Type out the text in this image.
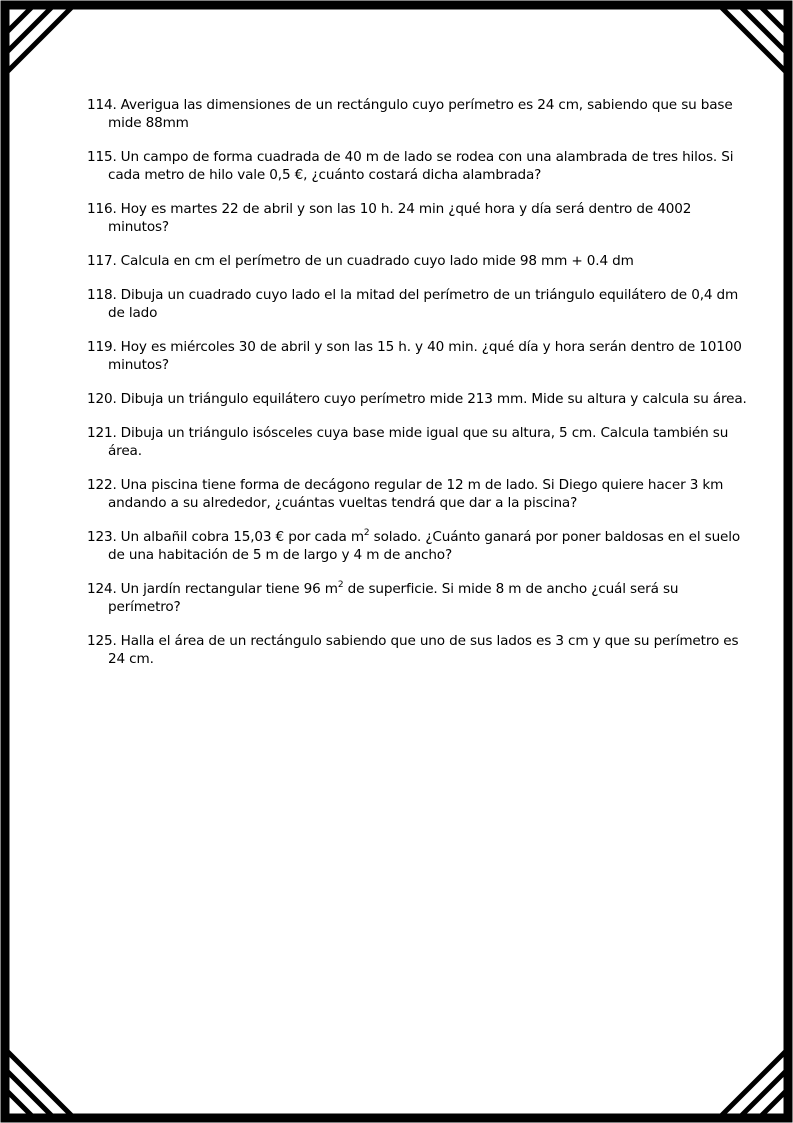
114. Averigua las dimensiones de un rectángulo cuyo perímetro es 24 cm, sabiendo que su base mide 88mm
115. Un campo de forma cuadrada de 40 m de lado se rodea con una alambrada de tres hilos. Si cada metro de hilo vale 0,5 €, ¿cuánto costará dicha alambrada?
116. Hoy es martes 22 de abril y son las 10 h. 24 min ¿qué hora y día será dentro de 4002 minutos?
117. Calcula en cm el perímetro de un cuadrado cuyo lado mide 98 mm + 0.4 dm
118. Dibuja un cuadrado cuyo lado el la mitad del perímetro de un triángulo equilátero de 0,4 dm de lado
119. Hoy es miércoles 30 de abril y son las 15 h. y 40 min. ¿qué día y hora serán dentro de 10100 minutos?
120. Dibuja un triángulo equilátero cuyo perímetro mide 213 mm. Mide su altura y calcula su área.
121. Dibuja un triángulo isósceles cuya base mide igual que su altura, 5 cm. Calcula también su área.
122. Una piscina tiene forma de decágono regular de 12 m de lado. Si Diego quiere hacer 3 km andando a su alrededor, ¿cuántas vueltas tendrá que dar a la piscina?
123. Un albañil cobra 15,03 € por cada $m^2$ solado. ¿Cuánto ganará por poner baldosas en el suelo de una habitación de 5 m de largo y 4 m de ancho?
124. Un jardín rectangular tiene 96 $m^2$ de superficie. Si mide 8 m de ancho ¿cuál será su perímetro?
125. Halla el área de un rectángulo sabiendo que uno de sus lados es 3 cm y que su perímetro es 24 cm.
